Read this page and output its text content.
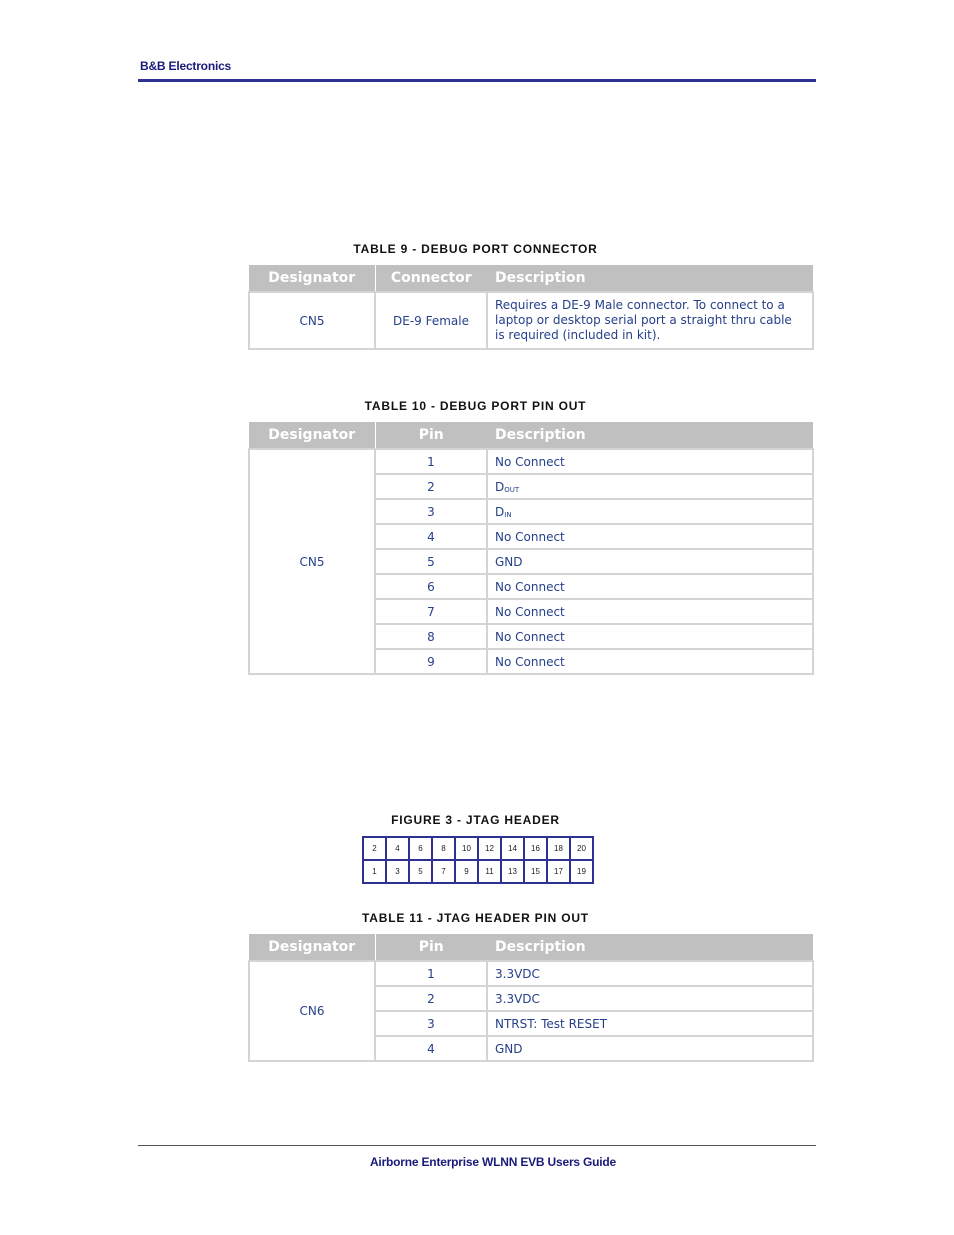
B&B Electronics
TABLE 9 - DEBUG PORT CONNECTOR
Designator	Connector	Description
CN5	DE-9 Female	Requires a DE-9 Male connector. To connect to a laptop or desktop serial port a straight thru cable is required (included in kit).
TABLE 10 - DEBUG PORT PIN OUT
Designator	Pin	Description
CN5	1	No Connect
	2	$D_{OUT}$
	3	$D_{IN}$
	4	No Connect
	5	GND
	6	No Connect
	7	No Connect
	8	No Connect
	9	No Connect
FIGURE 3 - JTAG HEADER
2	4	6	8	10	12	14	16	18	20
1	3	5	7	9	11	13	15	17	19
TABLE 11 - JTAG HEADER PIN OUT
Designator	Pin	Description
CN6	1	3.3VDC
	2	3.3VDC
	3	NTRST: Test RESET
	4	GND
Airborne Enterprise WLNN EVB Users Guide
